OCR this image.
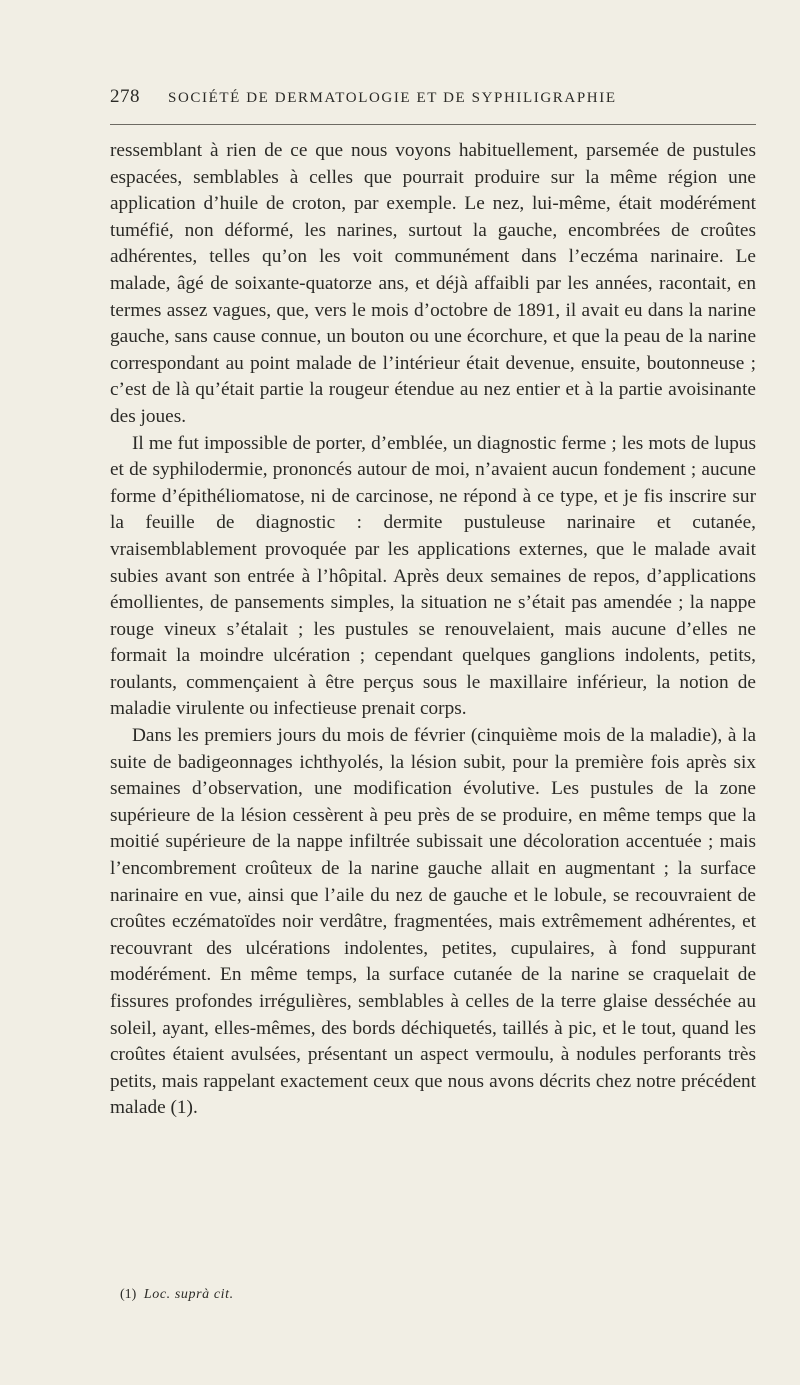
278 SOCIÉTÉ DE DERMATOLOGIE ET DE SYPHILIGRAPHIE

ressemblant à rien de ce que nous voyons habituellement, parsemée de pustules espacées, semblables à celles que pourrait produire sur la même région une application d’huile de croton, par exemple. Le nez, lui-même, était modérément tuméfié, non déformé, les narines, surtout la gauche, encombrées de croûtes adhérentes, telles qu’on les voit communément dans l’eczéma narinaire. Le malade, âgé de soixante-quatorze ans, et déjà affaibli par les années, racontait, en termes assez vagues, que, vers le mois d’octobre de 1891, il avait eu dans la narine gauche, sans cause connue, un bouton ou une écorchure, et que la peau de la narine correspondant au point malade de l’intérieur était devenue, ensuite, boutonneuse ; c’est de là qu’était partie la rougeur étendue au nez entier et à la partie avoisinante des joues.

Il me fut impossible de porter, d’emblée, un diagnostic ferme ; les mots de lupus et de syphilodermie, prononcés autour de moi, n’avaient aucun fondement ; aucune forme d’épithéliomatose, ni de carcinose, ne répond à ce type, et je fis inscrire sur la feuille de diagnostic : dermite pustuleuse narinaire et cutanée, vraisemblablement provoquée par les applications externes, que le malade avait subies avant son entrée à l’hôpital. Après deux semaines de repos, d’applications émollientes, de pansements simples, la situation ne s’était pas amendée ; la nappe rouge vineux s’étalait ; les pustules se renouvelaient, mais aucune d’elles ne formait la moindre ulcération ; cependant quelques ganglions indolents, petits, roulants, commençaient à être perçus sous le maxillaire inférieur, la notion de maladie virulente ou infectieuse prenait corps.

Dans les premiers jours du mois de février (cinquième mois de la maladie), à la suite de badigeonnages ichthyolés, la lésion subit, pour la première fois après six semaines d’observation, une modification évolutive. Les pustules de la zone supérieure de la lésion cessèrent à peu près de se produire, en même temps que la moitié supérieure de la nappe infiltrée subissait une décoloration accentuée ; mais l’encombrement croûteux de la narine gauche allait en augmentant ; la surface narinaire en vue, ainsi que l’aile du nez de gauche et le lobule, se recouvraient de croûtes eczématoïdes noir verdâtre, fragmentées, mais extrêmement adhérentes, et recouvrant des ulcérations indolentes, petites, cupulaires, à fond suppurant modérément. En même temps, la surface cutanée de la narine se craquelait de fissures profondes irrégulières, semblables à celles de la terre glaise desséchée au soleil, ayant, elles-mêmes, des bords déchiquetés, taillés à pic, et le tout, quand les croûtes étaient avulsées, présentant un aspect vermoulu, à nodules perforants très petits, mais rappelant exactement ceux que nous avons décrits chez notre précédent malade (1).

(1) Loc. suprà cit.
